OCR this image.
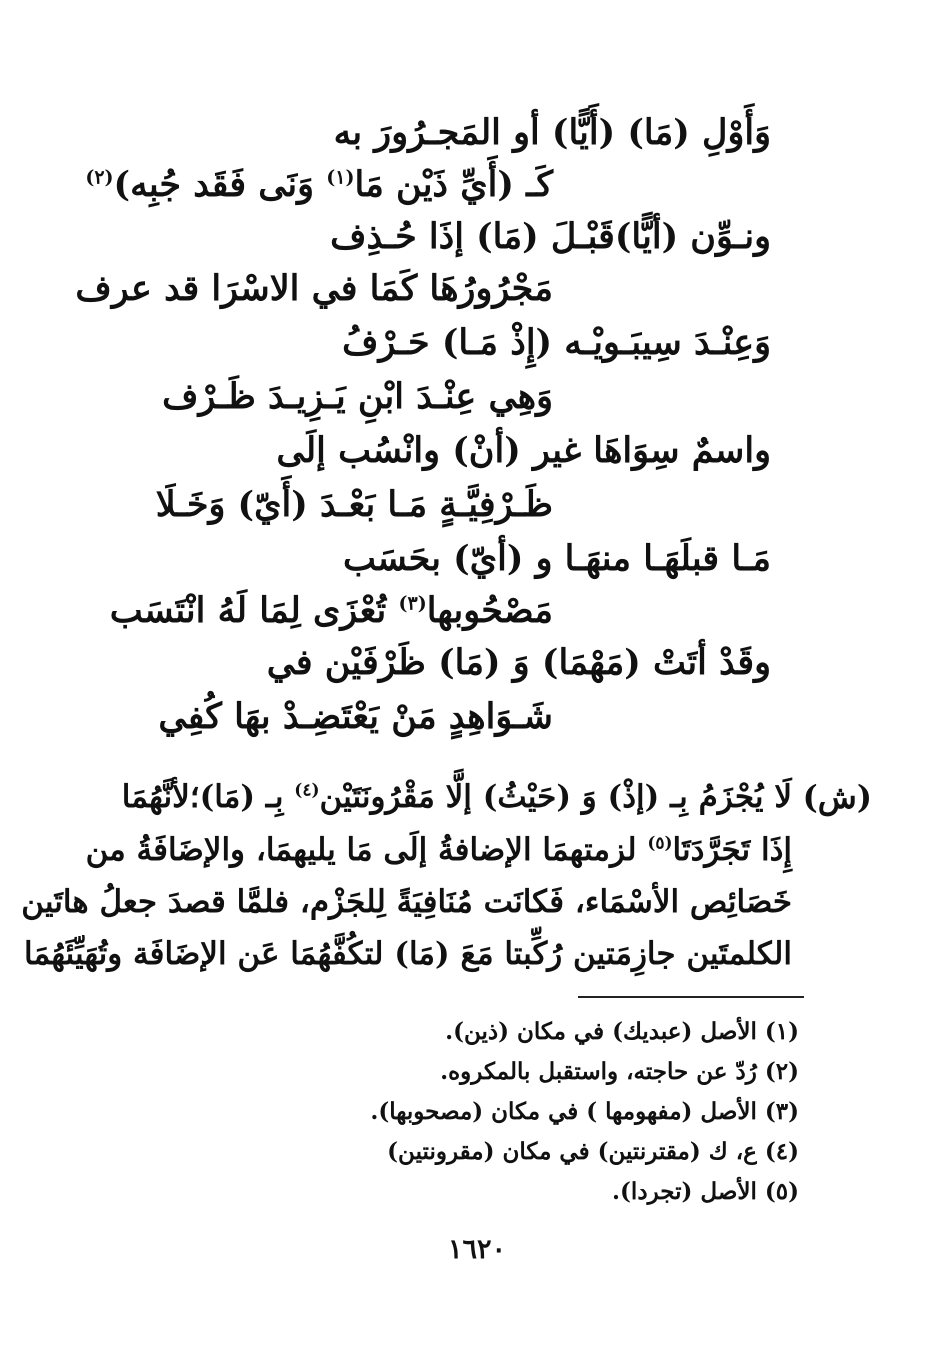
وَأَوْلِ (مَا) (أَيًّا) أو المَجـرُورَ به
كَـ (أَيِّ ذَيْن مَا$^{(١)}$ وَنَى فَقَد جُبِه)$^{(٢)}$
ونـوِّن (أيًّا)قَبْـلَ (مَا) إذَا حُـذِف
مَجْرُورُهَا كَمَا في الاسْرَا قد عرف
وَعِنْـدَ سِيبَـويْـه (إِذْ مَـا) حَـرْفُ
وَهِي عِنْـدَ ابْنِ يَـزِيـدَ ظَـرْف
واسمٌ سِوَاهَا غير (أنْ) وانْسُب إلَى
ظَـرْفِيَّـةٍ مَـا بَعْـدَ (أَيّ) وَخَـلَا
مَـا قبلَهَـا منهَـا و (أيّ) بحَسَب
مَصْحُوبها$^{(٣)}$ تُعْزَى لِمَا لَهُ انْتَسَب
وقَدْ أتَتْ (مَهْمَا) وَ (مَا) ظَرْفَيْن في
شَـوَاهِدٍ مَنْ يَعْتَضِـدْ بهَا كُفِي
(ش)
لَا يُجْزَمُ بِـ (إذْ) وَ (حَيْثُ) إلَّا مَقْرُونَتَيْن$^{(٤)}$ بِـ (مَا)؛لأنَّهُمَا
إِذَا تَجَرَّدَتَا$^{(٥)}$ لزمتهمَا الإضافةُ إلَى مَا يليهمَا، والإضَافَةُ من
خَصَائِص الأسْمَاء، فَكانَت مُنَافِيَةً لِلجَزْم، فلمَّا قصدَ جعلُ هاتَين
الكلمتَين جازِمَتين رُكِّبتا مَعَ (مَا) لتكُفَّهُمَا عَن الإضَافَة وتُهَيِّئَهُمَا
(١) الأصل (عبديك) في مكان (ذين).
(٢) رُدّ عن حاجته، واستقبل بالمكروه.
(٣) الأصل (مفهومها ) في مكان (مصحوبها).
(٤) ع، ك (مقترنتين) في مكان (مقرونتين)
(٥) الأصل (تجردا).
١٦٢٠
